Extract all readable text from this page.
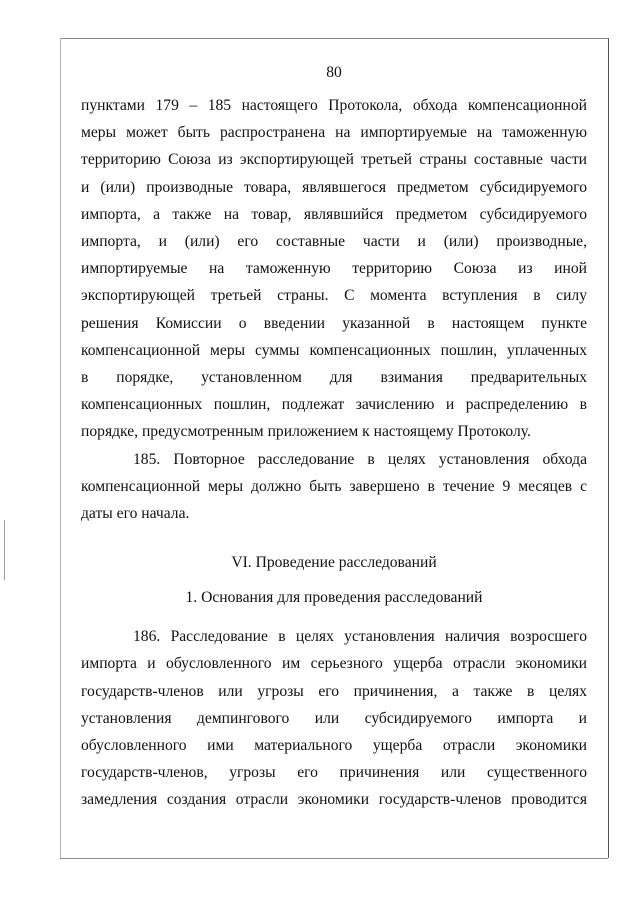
80
пунктами 179 – 185 настоящего Протокола, обхода компенсационной
меры может быть распространена на импортируемые на таможенную
территорию Союза из экспортирующей третьей страны составные части
и (или) производные товара, являвшегося предметом субсидируемого
импорта, а также на товар, являвшийся предметом субсидируемого
импорта, и (или) его составные части и (или) производные,
импортируемые на таможенную территорию Союза из иной
экспортирующей третьей страны. С момента вступления в силу
решения Комиссии о введении указанной в настоящем пункте
компенсационной меры суммы компенсационных пошлин, уплаченных
в порядке, установленном для взимания предварительных
компенсационных пошлин, подлежат зачислению и распределению в
порядке, предусмотренным приложением к настоящему Протоколу.
185. Повторное расследование в целях установления обхода
компенсационной меры должно быть завершено в течение 9 месяцев с
даты его начала.
VI. Проведение расследований
1. Основания для проведения расследований
186. Расследование в целях установления наличия возросшего
импорта и обусловленного им серьезного ущерба отрасли экономики
государств-членов или угрозы его причинения, а также в целях
установления демпингового или субсидируемого импорта и
обусловленного ими материального ущерба отрасли экономики
государств-членов, угрозы его причинения или существенного
замедления создания отрасли экономики государств-членов проводится
